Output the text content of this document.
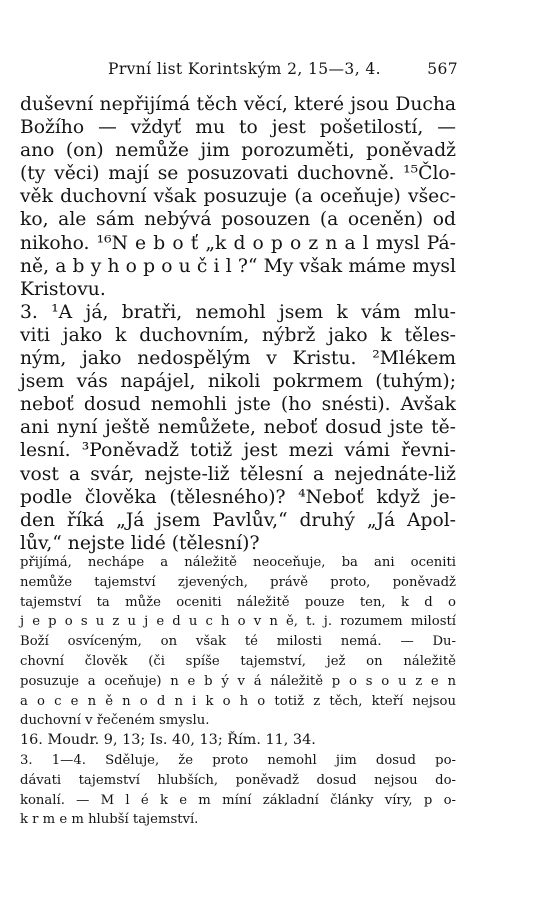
První list Korintským 2, 15—3, 4.	567
duševní nepřijímá těch věcí, které jsou Ducha
Božího — vždyť mu to jest pošetilostí, —
ano (on) nemůže jim porozuměti, poněvadž
(ty věci) mají se posuzovati duchovně. ¹⁵Člo-
věk duchovní však posuzuje (a oceňuje) všec-
ko, ale sám nebývá posouzen (a oceněn) od
nikoho. ¹⁶N e b o ť „k d o p o z n a l mysl Pá-
ně, a b y h o p o u č i l ?“ My však máme mysl
Kristovu.
3. ¹A já, bratři, nemohl jsem k vám mlu-
viti jako k duchovním, nýbrž jako k těles-
ným, jako nedospělým v Kristu. ²Mlékem
jsem vás napájel, nikoli pokrmem (tuhým);
neboť dosud nemohli jste (ho snésti). Avšak
ani nyní ještě nemůžete, neboť dosud jste tě-
lesní. ³Poněvadž totiž jest mezi vámi řevni-
vost a svár, nejste-liž tělesní a nejednáte-liž
podle člověka (tělesného)? ⁴Neboť když je-
den říká „Já jsem Pavlův,“ druhý „Já Apol-
lův,“ nejste lidé (tělesní)?
přijímá, nechápe a náležitě neoceňuje, ba ani oceniti
nemůže tajemství zjevených, právě proto, poněvadž
tajemství ta může oceniti náležitě pouze ten, k d o
j e p o s u z u j e d u c h o v n ě, t. j. rozumem milostí
Boží osvíceným, on však té milosti nemá. — Du-
chovní člověk (či spíše tajemství, jež on náležitě
posuzuje a oceňuje) n e b ý v á náležitě p o s o u z e n
a o c e n ě n o d n i k o h o totiž z těch, kteří nejsou
duchovní v řečeném smyslu.
16. Moudr. 9, 13; Is. 40, 13; Řím. 11, 34.
3. 1—4. Sděluje, že proto nemohl jim dosud po-
dávati tajemství hlubších, poněvadž dosud nejsou do-
konalí. — M l é k e m míní základní články víry, p o-
k r m e m hlubší tajemství.
